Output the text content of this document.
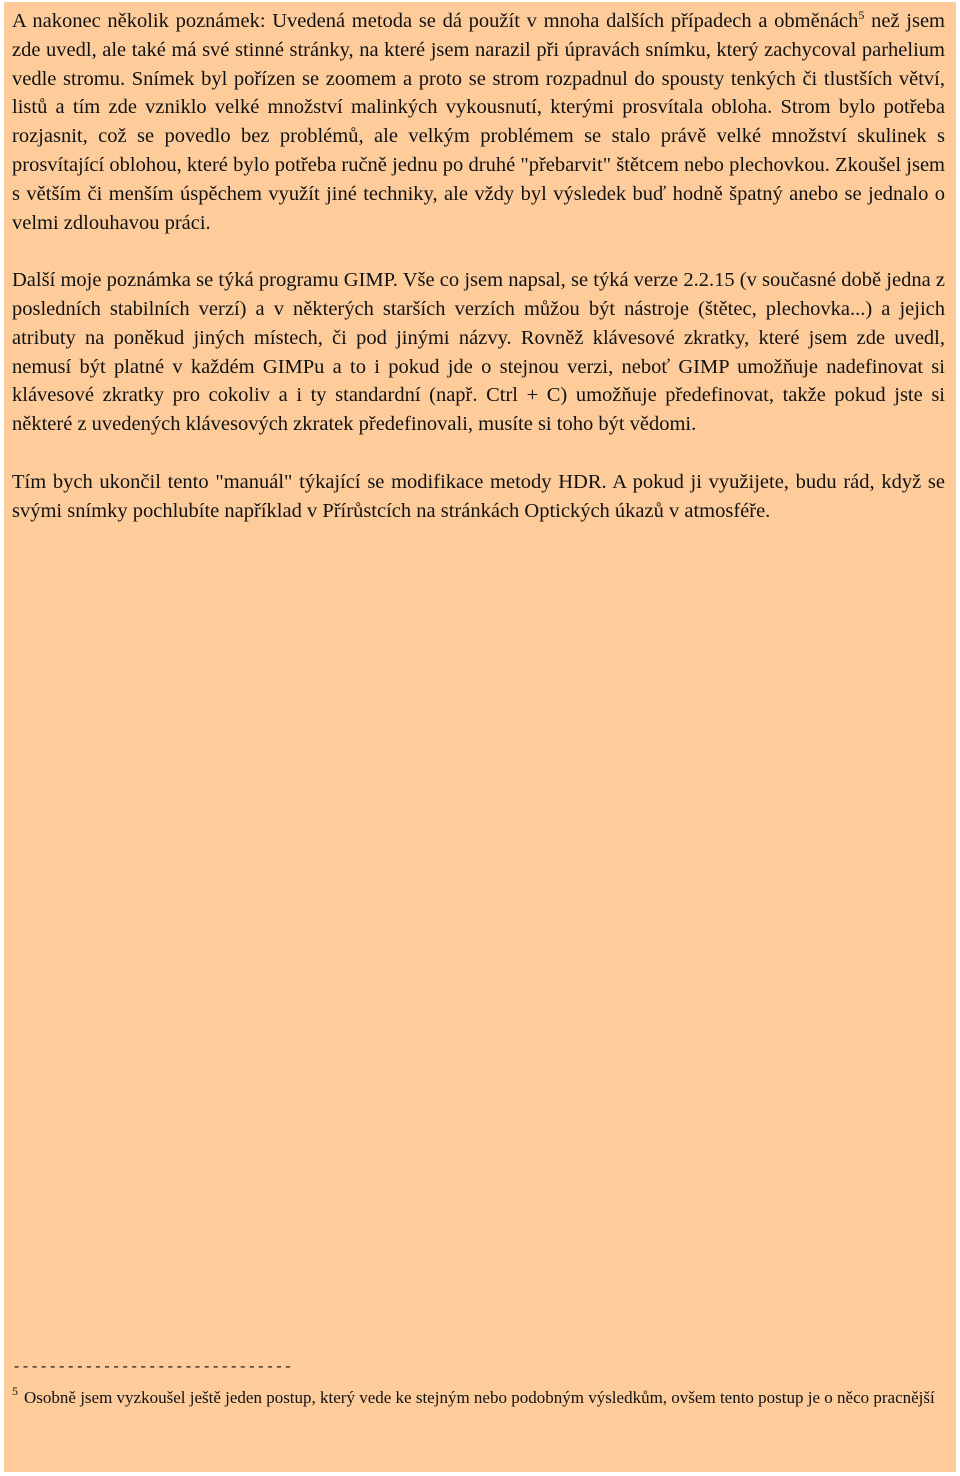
A nakonec několik poznámek: Uvedená metoda se dá použít v mnoha dalších případech a obměnách$^5$ než jsem zde uvedl, ale také má své stinné stránky, na které jsem narazil při úpravách snímku, který zachycoval parhelium vedle stromu. Snímek byl pořízen se zoomem a proto se strom rozpadnul do spousty tenkých či tlustších větví, listů a tím zde vzniklo velké množství malinkých vykousnutí, kterými prosvítala obloha. Strom bylo potřeba rozjasnit, což se povedlo bez problémů, ale velkým problémem se stalo právě velké množství skulinek s prosvítající oblohou, které bylo potřeba ručně jednu po druhé "přebarvit" štětcem nebo plechovkou. Zkoušel jsem s větším či menším úspěchem využít jiné techniky, ale vždy byl výsledek buď hodně špatný anebo se jednalo o velmi zdlouhavou práci.

Další moje poznámka se týká programu GIMP. Vše co jsem napsal, se týká verze 2.2.15 (v současné době jedna z posledních stabilních verzí) a v některých starších verzích můžou být nástroje (štětec, plechovka...) a jejich atributy na poněkud jiných místech, či pod jinými názvy. Rovněž klávesové zkratky, které jsem zde uvedl, nemusí být platné v každém GIMPu a to i pokud jde o stejnou verzi, neboť GIMP umožňuje nadefinovat si klávesové zkratky pro cokoliv a i ty standardní (např. Ctrl + C) umožňuje předefinovat, takže pokud jste si některé z uvedených klávesových zkratek předefinovali, musíte si toho být vědomi.

Tím bych ukončil tento "manuál" týkající se modifikace metody HDR. A pokud ji využijete, budu rád, když se svými snímky pochlubíte například v Přírůstcích na stránkách Optických úkazů v atmosféře.

-------------------------------
$^5$ Osobně jsem vyzkoušel ještě jeden postup, který vede ke stejným nebo podobným výsledkům, ovšem tento postup je o něco pracnější
